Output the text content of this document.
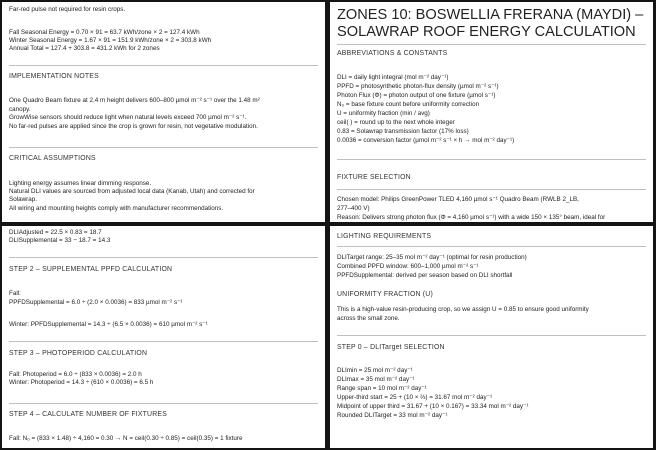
Far-red pulse not required for resin crops.
Fall Seasonal Energy = 0.70 × 91 = 63.7 kWh/zone × 2 = 127.4 kWh
Winter Seasonal Energy = 1.67 × 91 = 151.9 kWh/zone × 2 = 303.8 kWh
Annual Total = 127.4 + 303.8 = 431.2 kWh for 2 zones
IMPLEMENTATION NOTES
One Quadro Beam fixture at 2.4 m height delivers 600–800 µmol m⁻² s⁻¹ over the 1.48 m²
canopy.
GrowWise sensors should reduce light when natural levels exceed 700 µmol m⁻² s⁻¹.
No far-red pulses are applied since the crop is grown for resin, not vegetative modulation.
CRITICAL ASSUMPTIONS
Lighting energy assumes linear dimming response.
Natural DLI values are sourced from adjusted local data (Kanab, Utah) and corrected for
Solawrap.
All wiring and mounting heights comply with manufacturer recommendations.
ZONES 10: BOSWELLIA FRERANA (MAYDI) –
SOLAWRAP ROOF ENERGY CALCULATION
ABBREVIATIONS & CONSTANTS
DLI = daily light integral (mol m⁻² day⁻¹)
PPFD = photosynthetic photon-flux density (µmol m⁻² s⁻¹)
Photon Flux (Φ) = photon output of one fixture (µmol s⁻¹)
N₀ = base fixture count before uniformity correction
U = uniformity fraction (min / avg)
ceil( ) = round up to the next whole integer
0.83 = Solawrap transmission factor (17% loss)
0.0036 = conversion factor (µmol m⁻² s⁻¹ × h → mol m⁻² day⁻¹)
FIXTURE SELECTION
Chosen model: Philips GreenPower TLED 4,160 µmol s⁻¹ Quadro Beam (RWLB 2_LB,
277–400 V)
Reason: Delivers strong photon flux (Φ = 4,160 µmol s⁻¹) with a wide 150 × 135° beam, ideal for
DLIAdjusted = 22.5 × 0.83 = 18.7
DLISupplemental = 33 − 18.7 = 14.3
STEP 2 – SUPPLEMENTAL PPFD CALCULATION
Fall:
PPFDSupplemental = 6.0 ÷ (2.0 × 0.0036) = 833 µmol m⁻² s⁻¹
Winter: PPFDSupplemental = 14.3 ÷ (6.5 × 0.0036) = 610 µmol m⁻² s⁻¹
STEP 3 – PHOTOPERIOD CALCULATION
Fall: Photoperiod = 6.0 ÷ (833 × 0.0036) = 2.0 h
Winter: Photoperiod = 14.3 ÷ (610 × 0.0036) = 6.5 h
STEP 4 – CALCULATE NUMBER OF FIXTURES
Fall: N₀ = (833 × 1.48) ÷ 4,160 = 0.30 → N = ceil(0.30 ÷ 0.85) = ceil(0.35) = 1 fixture
LIGHTING REQUIREMENTS
DLITarget range: 25–35 mol m⁻² day⁻¹ (optimal for resin production)
Combined PPFD window: 600–1,000 µmol m⁻² s⁻¹
PPFDSupplemental: derived per season based on DLI shortfall
UNIFORMITY FRACTION (U)
This is a high-value resin-producing crop, so we assign U = 0.85 to ensure good uniformity
across the small zone.
STEP 0 – DLITarget SELECTION
DLImin = 25 mol m⁻² day⁻¹
DLImax = 35 mol m⁻² day⁻¹
Range span = 10 mol m⁻² day⁻¹
Upper-third start = 25 + (10 × ⅔) = 31.67 mol m⁻² day⁻¹
Midpoint of upper third = 31.67 + (10 × 0.167) = 33.34 mol m⁻² day⁻¹
Rounded DLITarget = 33 mol m⁻² day⁻¹
